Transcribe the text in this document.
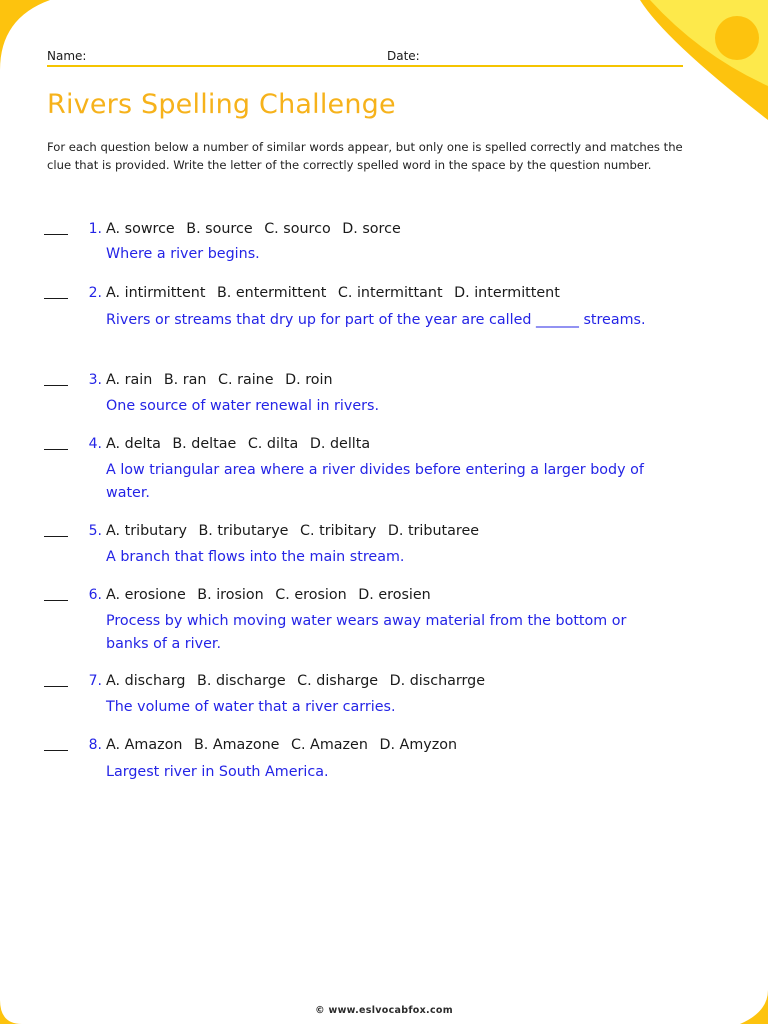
Name:	Date:
Rivers Spelling Challenge

For each question below a number of similar words appear, but only one is spelled correctly and matches the clue that is provided. Write the letter of the correctly spelled word in the space by the question number.

1. A. sowrce B. source C. sourco D. sorce

Where a river begins.

2. A. intirmittent B. entermittent C. intermittant D. intermittent

Rivers or streams that dry up for part of the year are called ______ streams.

3. A. rain B. ran C. raine D. roin

One source of water renewal in rivers.

4. A. delta B. deltae C. dilta D. dellta

A low triangular area where a river divides before entering a larger body of water.

5. A. tributary B. tributarye C. tribitary D. tributaree

A branch that flows into the main stream.

6. A. erosione B. irosion C. erosion D. erosien

Process by which moving water wears away material from the bottom or banks of a river.

7. A. discharg B. discharge C. disharge D. discharrge

The volume of water that a river carries.

8. A. Amazon B. Amazone C. Amazen D. Amyzon

Largest river in South America.

© www.eslvocabfox.com
